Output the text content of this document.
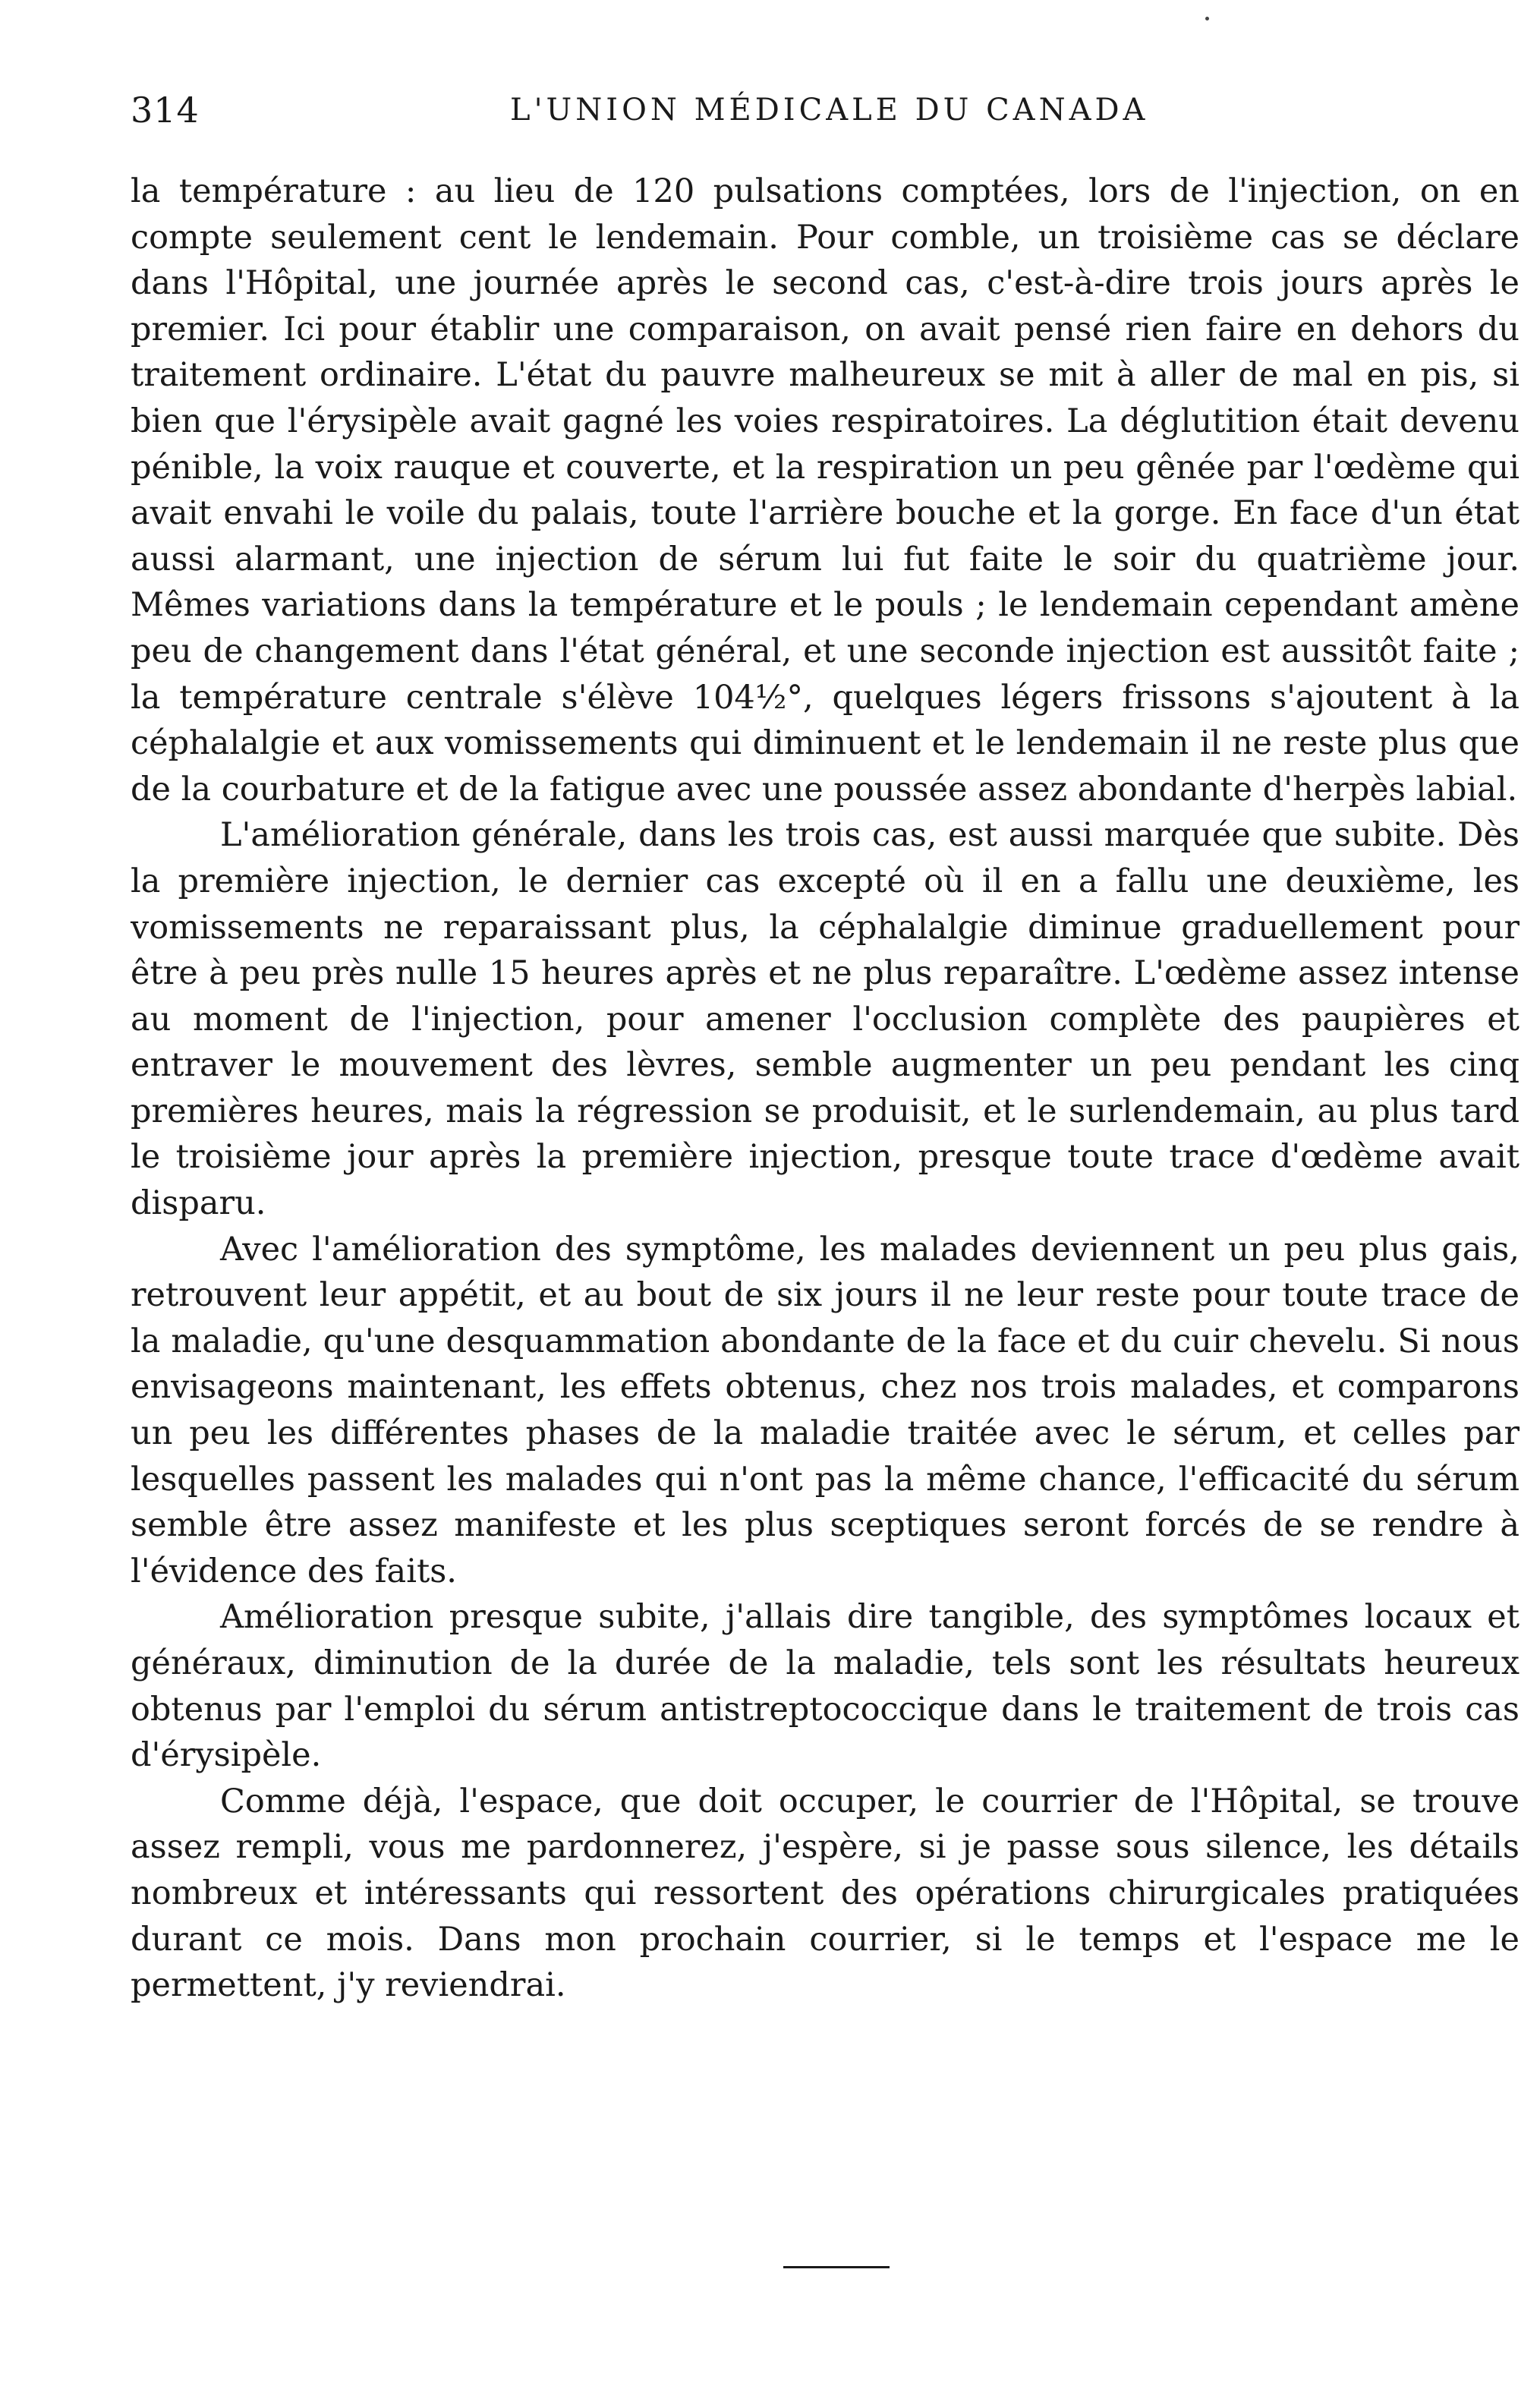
314	L'UNION MÉDICALE DU CANADA

la température : au lieu de 120 pulsations comptées, lors de l'injection, on en compte seulement cent le lendemain. Pour comble, un troisième cas se déclare dans l'Hôpital, une journée après le second cas, c'est-à-dire trois jours après le premier. Ici pour établir une comparaison, on avait pensé rien faire en dehors du traitement ordinaire. L'état du pauvre malheureux se mit à aller de mal en pis, si bien que l'érysipèle avait gagné les voies respiratoires. La déglutition était devenu pénible, la voix rauque et couverte, et la respiration un peu gênée par l'œdème qui avait envahi le voile du palais, toute l'arrière bouche et la gorge. En face d'un état aussi alarmant, une injection de sérum lui fut faite le soir du quatrième jour. Mêmes variations dans la température et le pouls ; le lendemain cependant amène peu de changement dans l'état général, et une seconde injection est aussitôt faite ; la température centrale s'élève 104½°, quelques légers frissons s'ajoutent à la céphalalgie et aux vomissements qui diminuent et le lendemain il ne reste plus que de la courbature et de la fatigue avec une poussée assez abondante d'herpès labial.

L'amélioration générale, dans les trois cas, est aussi marquée que subite. Dès la première injection, le dernier cas excepté où il en a fallu une deuxième, les vomissements ne reparaissant plus, la céphalalgie diminue graduellement pour être à peu près nulle 15 heures après et ne plus reparaître. L'œdème assez intense au moment de l'injection, pour amener l'occlusion complète des paupières et entraver le mouvement des lèvres, semble augmenter un peu pendant les cinq premières heures, mais la régression se produisit, et le surlendemain, au plus tard le troisième jour après la première injection, presque toute trace d'œdème avait disparu.

Avec l'amélioration des symptôme, les malades deviennent un peu plus gais, retrouvent leur appétit, et au bout de six jours il ne leur reste pour toute trace de la maladie, qu'une desquammation abondante de la face et du cuir chevelu. Si nous envisageons maintenant, les effets obtenus, chez nos trois malades, et comparons un peu les différentes phases de la maladie traitée avec le sérum, et celles par lesquelles passent les malades qui n'ont pas la même chance, l'efficacité du sérum semble être assez manifeste et les plus sceptiques seront forcés de se rendre à l'évidence des faits.

Amélioration presque subite, j'allais dire tangible, des symptômes locaux et généraux, diminution de la durée de la maladie, tels sont les résultats heureux obtenus par l'emploi du sérum antistreptococcique dans le traitement de trois cas d'érysipèle.

Comme déjà, l'espace, que doit occuper, le courrier de l'Hôpital, se trouve assez rempli, vous me pardonnerez, j'espère, si je passe sous silence, les détails nombreux et intéressants qui ressortent des opérations chirurgicales pratiquées durant ce mois. Dans mon prochain courrier, si le temps et l'espace me le permettent, j'y reviendrai.
